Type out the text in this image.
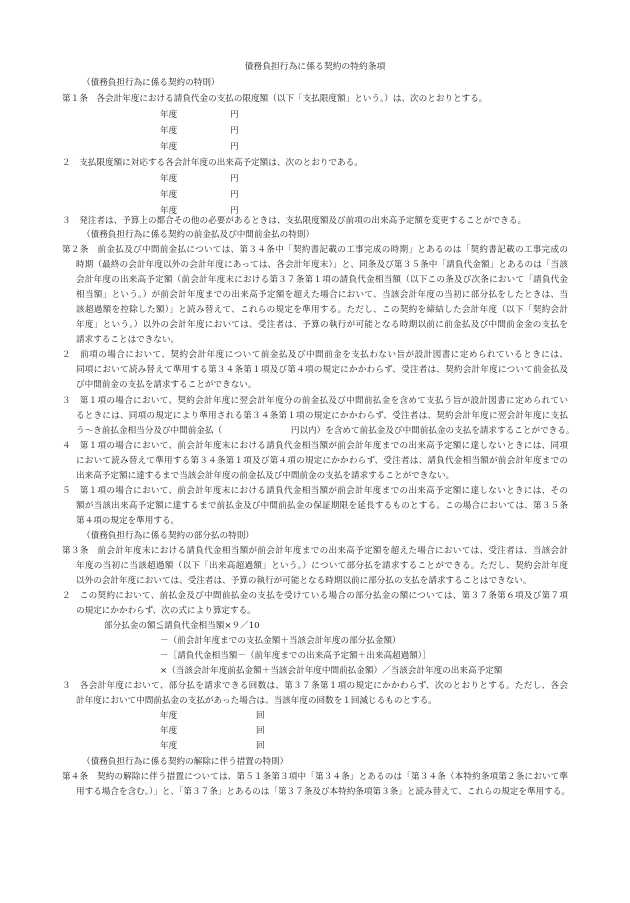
債務負担行為に係る契約の特約条項
（債務負担行為に係る契約の特則）
第１条　各会計年度における請負代金の支払の限度額（以下「支払限度額」という。）は、次のとおりとする。
年度	円
年度	円
年度	円
２　支払限度額に対応する各会計年度の出来高予定額は、次のとおりである。
年度	円
年度	円
年度	円
３　発注者は、予算上の都合その他の必要があるときは、支払限度額及び前項の出来高予定額を変更することができる。
（債務負担行為に係る契約の前金払及び中間前金払の特則）
第２条　前金払及び中間前金払については、第３４条中「契約書記載の工事完成の時期」とあるのは「契約書記載の工事完成の
時期（最終の会計年度以外の会計年度にあっては、各会計年度末）」と、同条及び第３５条中「請負代金額」とあるのは「当該
会計年度の出来高予定額（前会計年度末における第３７条第１項の請負代金相当額（以下この条及び次条において「請負代金
相当額」という。）が前会計年度までの出来高予定額を超えた場合において、当該会計年度の当初に部分払をしたときは、当
該超過額を控除した額）」と読み替えて、これらの規定を準用する。ただし、この契約を締結した会計年度（以下「契約会計
年度」という。）以外の会計年度においては、受注者は、予算の執行が可能となる時期以前に前金払及び中間前金金の支払を
請求することはできない。
２　前項の場合において、契約会計年度について前金払及び中間前金を支払わない旨が設計図書に定められているときには、
同項において読み替えて準用する第３４条第１項及び第４項の規定にかかわらず、受注者は、契約会計年度について前金払及
び中間前金の支払を請求することができない。
３　第１項の場合において、契約会計年度に翌会計年度分の前金払及び中間前払金を含めて支払う旨が設計図書に定められてい
るときには、同項の規定により準用される第３４条第１項の規定にかかわらず、受注者は、契約会計年度に翌会計年度に支払
う〜き前払金相当分及び中間前金払（　　　　　　　　円以内）を含めて前払金及び中間前払金の支払を請求することができる。
４　第１項の場合において、前会計年度末における請負代金相当額が前会計年度までの出来高予定額に達しないときには、同項
において読み替えて準用する第３４条第１項及び第４項の規定にかかわらず、受注者は、請負代金相当額が前会計年度までの
出来高予定額に達するまで当該会計年度の前金払及び中間前金の支払を請求することができない。
５　第１項の場合において、前会計年度末における請負代金相当額が前会計年度までの出来高予定額に達しないときには、その
額が当該出来高予定額に達するまで前払金及び中間前払金の保証期限を延長するものとする。この場合においては、第３５条
第４項の規定を準用する。
（債務負担行為に係る契約の部分払の特則）
第３条　前会計年度末における請負代金相当額が前会計年度までの出来高予定額を超えた場合においては、受注者は、当該会計
年度の当初に当該超過額（以下「出来高超過額」という。）について部分払を請求することができる。ただし、契約会計年度
以外の会計年度においては、受注者は、予算の執行が可能となる時期以前に部分払の支払を請求することはできない。
２　この契約において、前払金及び中間前払金の支払を受けている場合の部分払金の額については、第３７条第６項及び第７項
の規定にかかわらず、次の式により算定する。
部分払金の額≦請負代金相当額×９／10
－（前会計年度までの支払金額＋当該会計年度の部分払金額）
－［請負代金相当額－（前年度までの出来高予定額＋出来高超過額）］
×（当該会計年度前払金額＋当該会計年度中間前払金額）／当該会計年度の出来高予定額
３　各会計年度において、部分払を請求できる回数は、第３７条第１項の規定にかかわらず、次のとおりとする。ただし、各会
計年度において中間前払金の支払があった場合は、当該年度の回数を１回減じるものとする。
年度	回
年度	回
年度	回
（債務負担行為に係る契約の解除に伴う措置の特則）
第４条　契約の解除に伴う措置については、第５１条第３項中「第３４条」とあるのは「第３４条（本特約条項第２条において準
用する場合を含む。）」と、「第３７条」とあるのは「第３７条及び本特約条項第３条」と読み替えて、これらの規定を準用する。
